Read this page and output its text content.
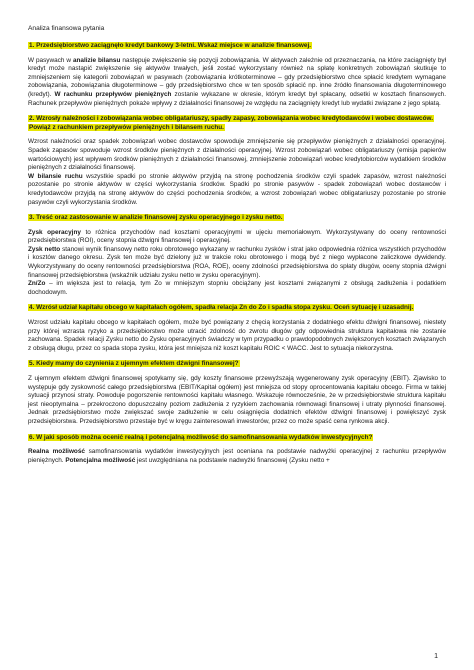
Analiza finansowa pytania
1. Przedsiębiorstwo zaciągnęło kredyt bankowy 3-letni. Wskaż miejsce w analizie finansowej.
W pasywach w analizie bilansu następuje zwiększenie się pozycji zobowiązania. W aktywach zależnie od przeznaczania, na które zaciągnięty był kredyt może nastąpić zwiększenie się aktywów trwałych, jeśli zostać wykorzystany również na spłatę konkretnych zobowiązań skutkuje to zmniejszeniem się kategorii zobowiązań w pasywach (zobowiązania krótkoterminowe – gdy przedsiębiorstwo chce spłacić kredytem wymagane zobowiązania, zobowiązania długoterminowe – gdy przedsiębiorstwo chce w ten sposób spłacić np. inne źródło finansowania długoterminowego (kredyt). W rachunku przepływów pieniężnych zostanie wykazane w okresie, którym kredyt był spłacany, odsetki w kosztach finansowych. Rachunek przepływów pieniężnych pokaże wpływy z działalności finansowej ze względu na zaciągnięty kredyt lub wydatki związane z jego spłatą.
2. Wzrosły należności i zobowiązania wobec obligatariuszy, spadły zapasy, zobowiązania wobec kredytodawców i wobec dostawców. Powiąż z rachunkiem przepływów pieniężnych i bilansem ruchu.
Wzrost należności oraz spadek zobowiązań wobec dostawców spowoduje zmniejszenie się przepływów pieniężnych z działalności operacyjnej. Spadek zapasów spowoduje wzrost środków pieniężnych z działalności operacyjnej. Wzrost zobowiązań wobec obligatariuszy (emisja papierów wartościowych) jest wpływem środków pieniężnych z działalności finansowej, zmniejszenie zobowiązań wobec kredytobiorców wydatkiem środków pieniężnych z działalności finansowej.
W bilansie ruchu wszystkie spadki po stronie aktywów przyjdą na stronę pochodzenia środków czyli spadek zapasów, wzrost należności pozostanie po stronie aktywów w części wykorzystania środków. Spadki po stronie pasywów - spadek zobowiązań wobec dostawców i kredytodawców przyjdą na stronę aktywów do części pochodzenia środków, a wzrost zobowiązań wobec obligatariuszy pozostanie po stronie pasywów czyli wykorzystania środków.
3. Treść oraz zastosowanie w analizie finansowej zysku operacyjnego i zysku netto.
Zysk operacyjny to różnica przychodów nad kosztami operacyjnymi w ujęciu memoriałowym. Wykorzystywany do oceny rentowności przedsiębiorstwa (ROI), oceny stopnia dźwigni finansowej i operacyjnej.
Zysk netto stanowi wynik finansowy netto roku obrotowego wykazany w rachunku zysków i strat jako odpowiednia różnica wszystkich przychodów i kosztów danego okresu. Zysk ten może być dzielony już w trakcie roku obrotowego i mogą być z niego wypłacone zaliczkowe dywidendy. Wykorzystywany do oceny rentowności przedsiębiorstwa (ROA, ROE), oceny zdolności przedsiębiorstwa do spłaty długów, oceny stopnia dźwigni finansowej przedsiębiorstwa (wskaźnik udziału zysku netto w zysku operacyjnym).
Zn/Zo – im większa jest to relacja, tym Zo w mniejszym stopniu obciążany jest kosztami związanymi z obsługą zadłużenia i podatkiem dochodowym.
4. Wzrósł udział kapitału obcego w kapitałach ogółem, spadła relacja Zn do Zo i spadła stopa zysku. Oceń sytuację i uzasadnij.
Wzrost udziału kapitału obcego w kapitałach ogółem, może być powiązany z chęcią korzystania z dodatniego efektu dźwigni finansowej, niestety przy której wzrasta ryzyko a przedsiębiorstwo może utracić zdolność do zwrotu długów gdy odpowiednia struktura kapitałowa nie zostanie zachowana. Spadek relacji Zysku netto do Zysku operacyjnych świadczy w tym przypadku o prawdopodobnych zwiększonych kosztach związanych z obsługą długu, przez co spada stopa zysku, która jest mniejsza niż koszt kapitału ROIC < WACC. Jest to sytuacja niekorzystna.
5. Kiedy mamy do czynienia z ujemnym efektem dźwigni finansowej?
Z ujemnym efektem dźwigni finansowej spotykamy się, gdy koszty finansowe przewyższają wygenerowany zysk operacyjny (EBIT). Zjawisko to występuje gdy zyskowność całego przedsiębiorstwa (EBIT/Kapitał ogółem) jest mniejsza od stopy oprocentowania kapitału obcego. Firma w takiej sytuacji przynosi straty. Powoduje pogorszenie rentowności kapitału własnego. Wskazuje równocześnie, że w przedsiębiorstwie struktura kapitału jest nieoptymalna – przekroczono dopuszczalny poziom zadłużenia z ryzykiem zachowania równowagi finansowej i utraty płynności finansowej. Jednak przedsiębiorstwo może zwiększać swoje zadłużenie w celu osiągnięcia dodatnich efektów dźwigni finansowej i powiększyć zysk przedsiębiorstwa. Przedsiębiorstwo przestaje być w kręgu zainteresowań inwestorów, przez co może spaść cena rynkowa akcji.
6. W jaki sposób można ocenić realną i potencjalną możliwość do samofinansowania wydatków inwestycyjnych?
Realna możliwość samofinansowania wydatków inwestycyjnych jest oceniana na podstawie nadwyżki operacyjnej z rachunku przepływów pieniężnych. Potencjalna możliwość jest uwzględniana na podstawie nadwyżki finansowej (Zysku netto +
1
